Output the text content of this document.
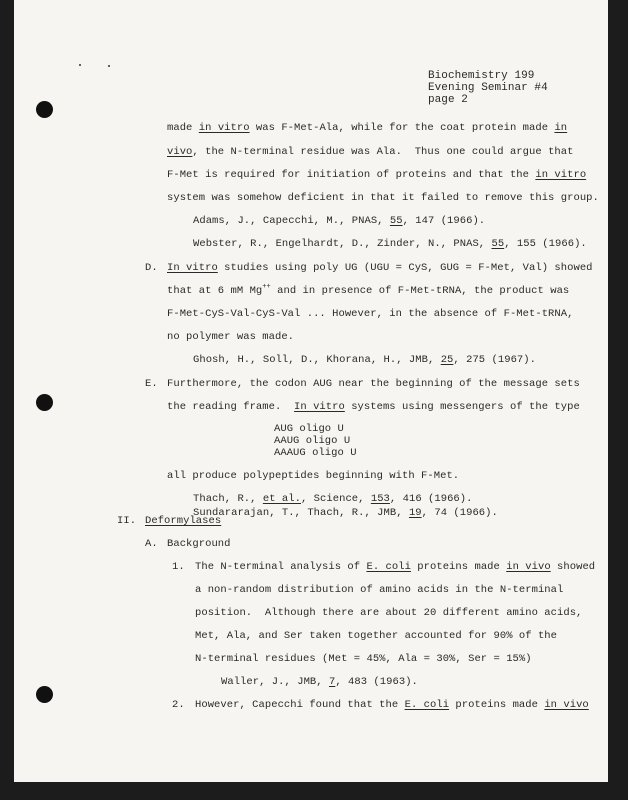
Biochemistry 199
Evening Seminar #4
page 2
made in vitro was F-Met-Ala, while for the coat protein made in
vivo, the N-terminal residue was Ala.  Thus one could argue that
F-Met is required for initiation of proteins and that the in vitro
system was somehow deficient in that it failed to remove this group.
Adams, J., Capecchi, M., PNAS, 55, 147 (1966).
Webster, R., Engelhardt, D., Zinder, N., PNAS, 55, 155 (1966).
D. In vitro studies using poly UG (UGU = CyS, GUG = F-Met, Val) showed
that at 6 mM Mg++ and in presence of F-Met-tRNA, the product was
F-Met-CyS-Val-CyS-Val ... However, in the absence of F-Met-tRNA,
no polymer was made.
Ghosh, H., Soll, D., Khorana, H., JMB, 25, 275 (1967).
E. Furthermore, the codon AUG near the beginning of the message sets
the reading frame.  In vitro systems using messengers of the type
AUG oligo U
AAUG oligo U
AAAUG oligo U
all produce polypeptides beginning with F-Met.
Thach, R., et al., Science, 153, 416 (1966).
Sundararajan, T., Thach, R., JMB, 19, 74 (1966).
II. Deformylases
A. Background
1. The N-terminal analysis of E. coli proteins made in vivo showed
a non-random distribution of amino acids in the N-terminal
position.  Although there are about 20 different amino acids,
Met, Ala, and Ser taken together accounted for 90% of the
N-terminal residues (Met = 45%, Ala = 30%, Ser = 15%)
Waller, J., JMB, 7, 483 (1963).
2. However, Capecchi found that the E. coli proteins made in vivo
